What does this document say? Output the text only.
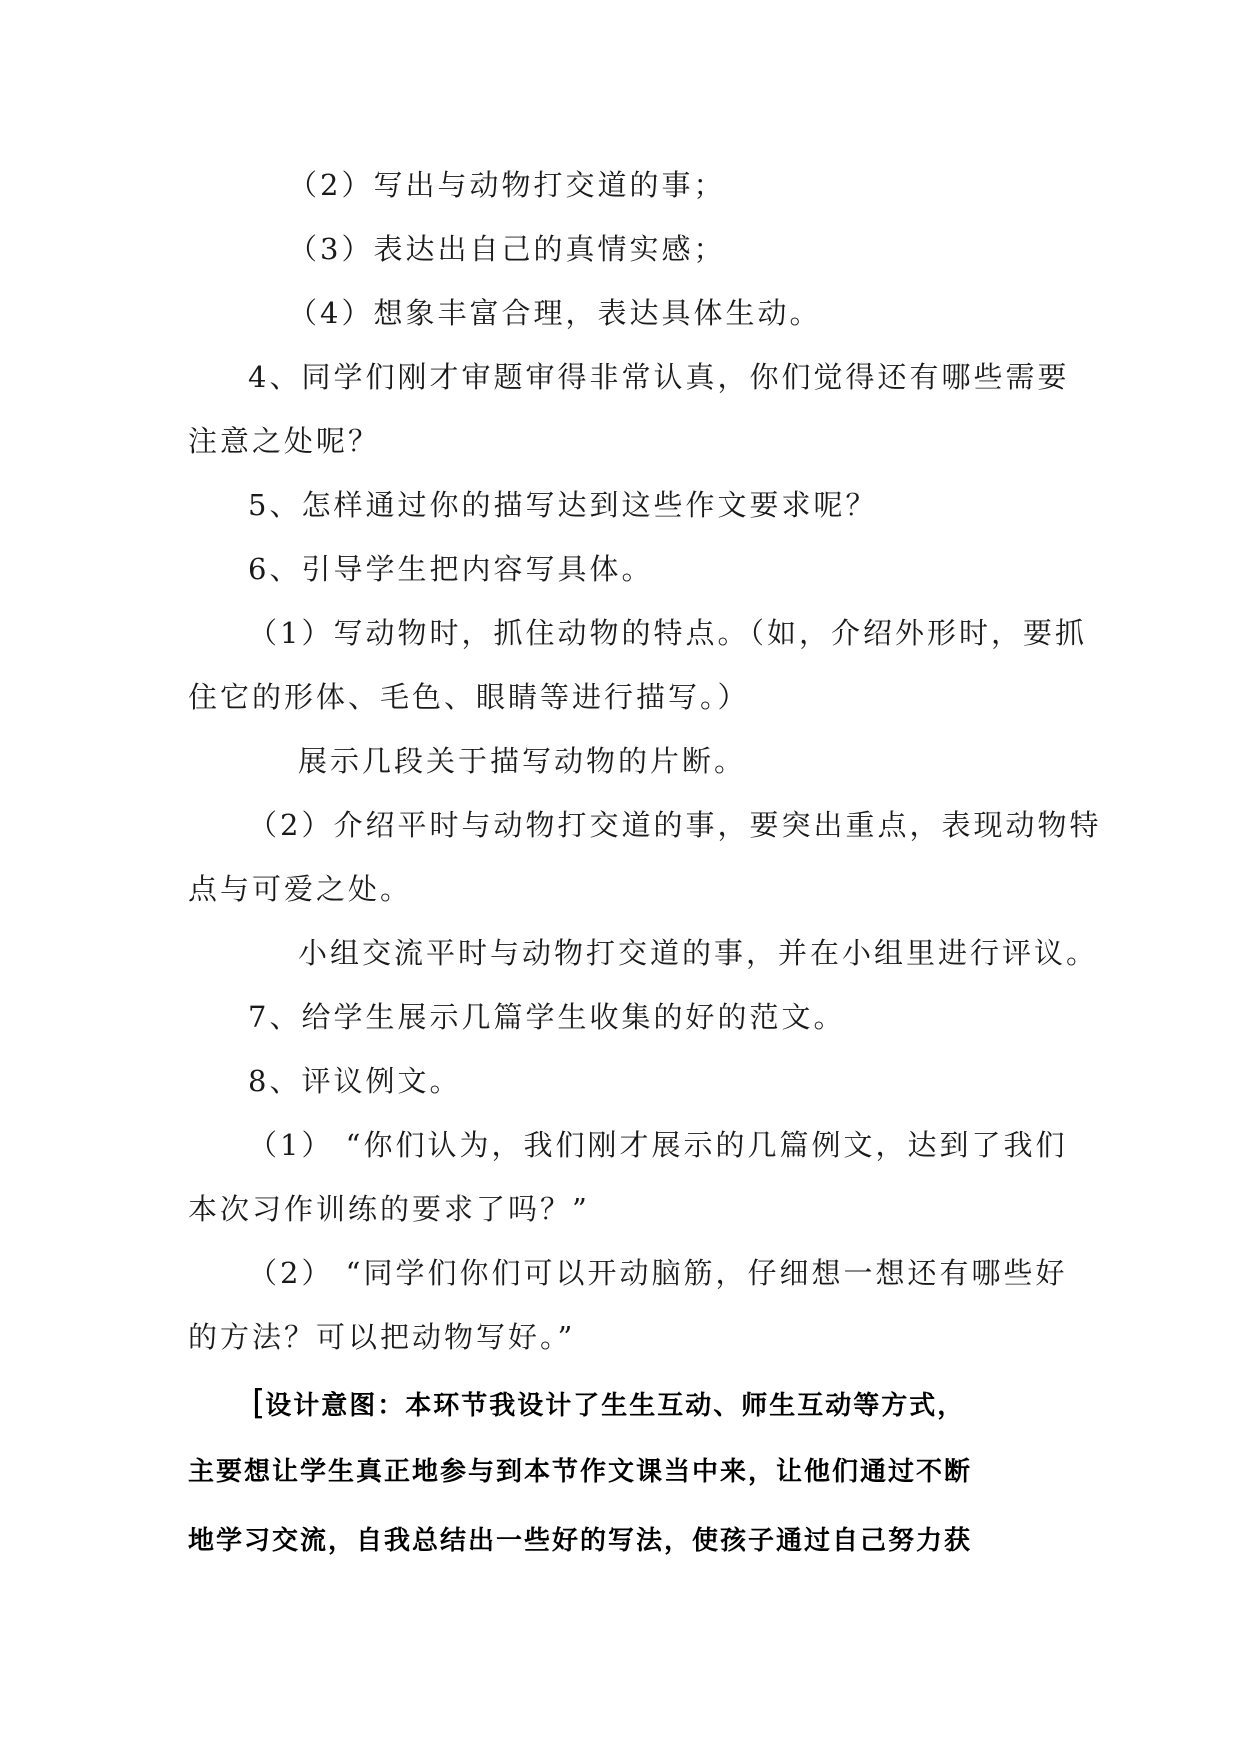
（2）写出与动物打交道的事；
（3）表达出自己的真情实感；
（4）想象丰富合理，表达具体生动。
4、同学们刚才审题审得非常认真，你们觉得还有哪些需要
注意之处呢？
5、怎样通过你的描写达到这些作文要求呢？
6、引导学生把内容写具体。
（1）写动物时，抓住动物的特点。（如，介绍外形时，要抓
住它的形体、毛色、眼睛等进行描写。）
展示几段关于描写动物的片断。
（2）介绍平时与动物打交道的事，要突出重点，表现动物特
点与可爱之处。
小组交流平时与动物打交道的事，并在小组里进行评议。
7、给学生展示几篇学生收集的好的范文。
8、评议例文。
（1） “你们认为，我们刚才展示的几篇例文，达到了我们
本次习作训练的要求了吗？”
（2） “同学们你们可以开动脑筋，仔细想一想还有哪些好
的方法？可以把动物写好。”
[设计意图：本环节我设计了生生互动、师生互动等方式，
主要想让学生真正地参与到本节作文课当中来，让他们通过不断
地学习交流，自我总结出一些好的写法，使孩子通过自己努力获
